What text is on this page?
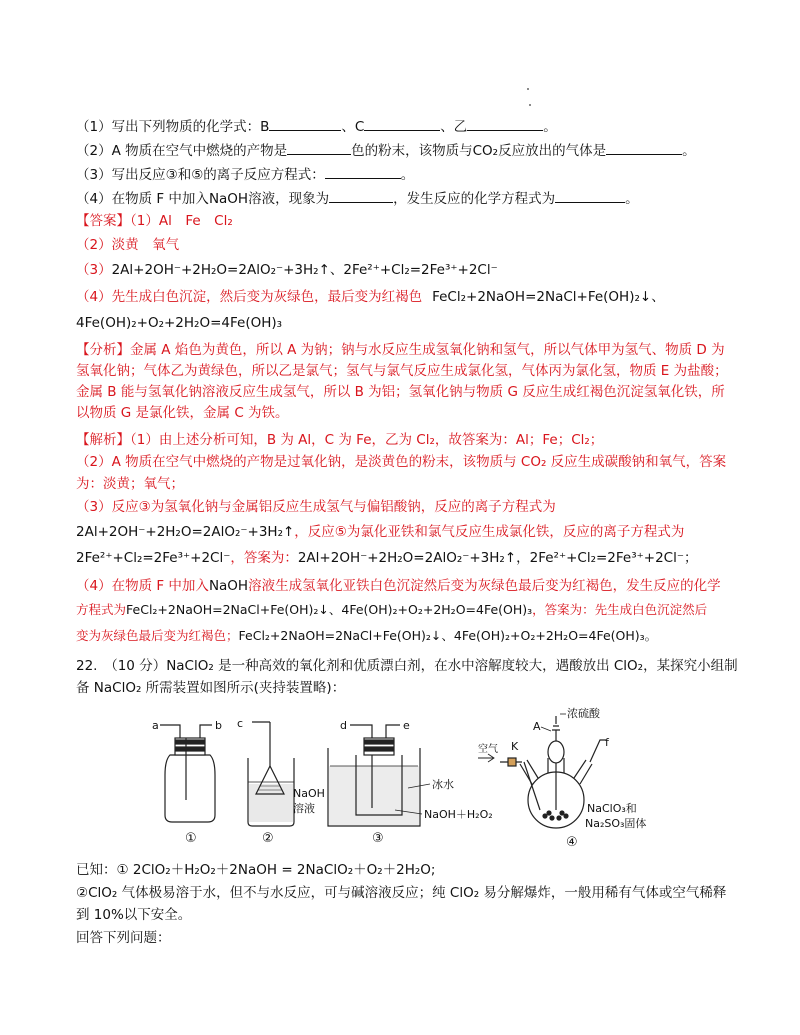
（1）写出下列物质的化学式：B	、C	、乙	。
（2）A 物质在空气中燃烧的产物是	色的粉末，该物质与CO₂反应放出的气体是	。
（3）写出反应③和⑤的离子反应方程式：	。
（4）在物质 F 中加入NaOH溶液，现象为	，发生反应的化学方程式为	。
【答案】（1）Al　Fe　Cl₂
（2）淡黄　氧气
（3）2Al+2OH⁻+2H₂O=2AlO₂⁻+3H₂↑、2Fe²⁺+Cl₂=2Fe³⁺+2Cl⁻
（4）先生成白色沉淀，然后变为灰绿色，最后变为红褐色 FeCl₂+2NaOH=2NaCl+Fe(OH)₂↓、
4Fe(OH)₂+O₂+2H₂O=4Fe(OH)₃
【分析】金属 A 焰色为黄色，所以 A 为钠；钠与水反应生成氢氧化钠和氢气，所以气体甲为氢气、物质 D 为
氢氧化钠；气体乙为黄绿色，所以乙是氯气；氢气与氯气反应生成氯化氢，气体丙为氯化氢，物质 E 为盐酸；
金属 B 能与氢氧化钠溶液反应生成氢气，所以 B 为铝；氢氧化钠与物质 G 反应生成红褐色沉淀氢氧化铁，所
以物质 G 是氯化铁，金属 C 为铁。
【解析】（1）由上述分析可知，B 为 Al，C 为 Fe，乙为 Cl₂，故答案为：Al；Fe；Cl₂；
（2）A 物质在空气中燃烧的产物是过氧化钠，是淡黄色的粉末，该物质与 CO₂ 反应生成碳酸钠和氧气，答案
为：淡黄；氧气；
（3）反应③为氢氧化钠与金属铝反应生成氢气与偏铝酸钠，反应的离子方程式为
2Al+2OH⁻+2H₂O=2AlO₂⁻+3H₂↑，反应⑤为氯化亚铁和氯气反应生成氯化铁，反应的离子方程式为
2Fe²⁺+Cl₂=2Fe³⁺+2Cl⁻，答案为：2Al+2OH⁻+2H₂O=2AlO₂⁻+3H₂↑，2Fe²⁺+Cl₂=2Fe³⁺+2Cl⁻；
（4）在物质 F 中加入NaOH溶液生成氢氧化亚铁白色沉淀然后变为灰绿色最后变为红褐色，发生反应的化学
方程式为FeCl₂+2NaOH=2NaCl+Fe(OH)₂↓、4Fe(OH)₂+O₂+2H₂O=4Fe(OH)₃，答案为：先生成白色沉淀然后
变为灰绿色最后变为红褐色；FeCl₂+2NaOH=2NaCl+Fe(OH)₂↓、4Fe(OH)₂+O₂+2H₂O=4Fe(OH)₃。
22.　（10 分）NaClO₂ 是一种高效的氧化剂和优质漂白剂，在水中溶解度较大，遇酸放出 ClO₂，某探究小组制
备 NaClO₂ 所需装置如图所示(夹持装置略)：
a	b
①
c
NaOH
溶液
②
d	e
冰水
NaOH＋H₂O₂
③
浓硫酸
A
空气 K	f
NaClO₃和
Na₂SO₃固体
④
已知：① 2ClO₂＋H₂O₂＋2NaOH = 2NaClO₂＋O₂＋2H₂O;
②ClO₂ 气体极易溶于水，但不与水反应，可与碱溶液反应；纯 ClO₂ 易分解爆炸，一般用稀有气体或空气稀释
到 10%以下安全。
回答下列问题：
